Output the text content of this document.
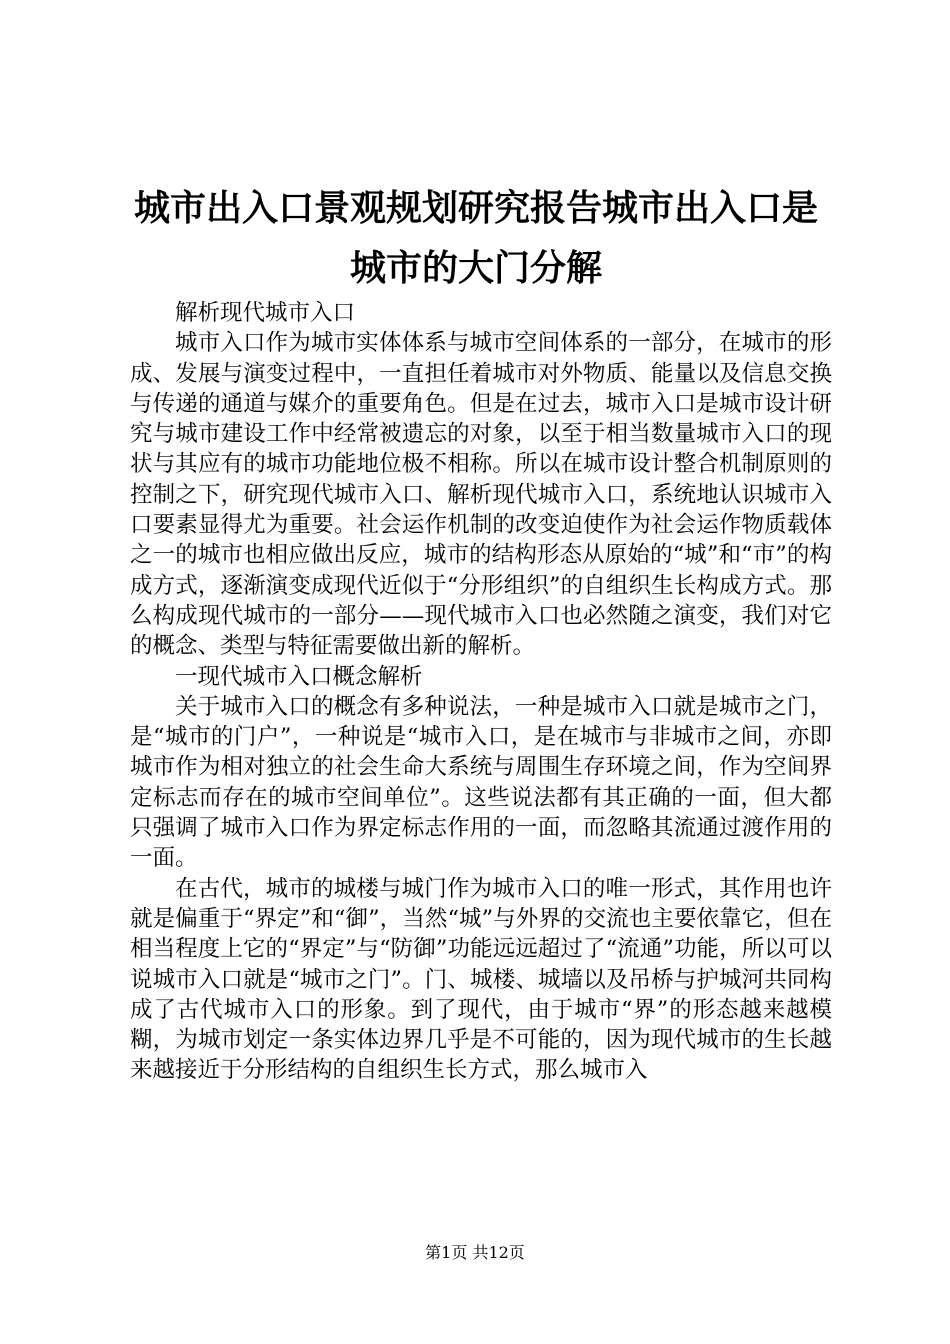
城市出入口景观规划研究报告城市出入口是城市的大门分解

解析现代城市入口

城市入口作为城市实体体系与城市空间体系的一部分，在城市的形成、发展与演变过程中，一直担任着城市对外物质、能量以及信息交换与传递的通道与媒介的重要角色。但是在过去，城市入口是城市设计研究与城市建设工作中经常被遗忘的对象，以至于相当数量城市入口的现状与其应有的城市功能地位极不相称。所以在城市设计整合机制原则的控制之下，研究现代城市入口、解析现代城市入口，系统地认识城市入口要素显得尤为重要。社会运作机制的改变迫使作为社会运作物质载体之一的城市也相应做出反应，城市的结构形态从原始的“城”和“市”的构成方式，逐渐演变成现代近似于“分形组织”的自组织生长构成方式。那么构成现代城市的一部分——现代城市入口也必然随之演变，我们对它的概念、类型与特征需要做出新的解析。

一现代城市入口概念解析

关于城市入口的概念有多种说法，一种是城市入口就是城市之门，是“城市的门户”，一种说是“城市入口，是在城市与非城市之间，亦即城市作为相对独立的社会生命大系统与周围生存环境之间，作为空间界定标志而存在的城市空间单位”。这些说法都有其正确的一面，但大都只强调了城市入口作为界定标志作用的一面，而忽略其流通过渡作用的一面。

在古代，城市的城楼与城门作为城市入口的唯一形式，其作用也许就是偏重于“界定”和“御”，当然“城”与外界的交流也主要依靠它，但在相当程度上它的“界定”与“防御”功能远远超过了“流通”功能，所以可以说城市入口就是“城市之门”。门、城楼、城墙以及吊桥与护城河共同构成了古代城市入口的形象。到了现代，由于城市“界”的形态越来越模糊，为城市划定一条实体边界几乎是不可能的，因为现代城市的生长越来越接近于分形结构的自组织生长方式，那么城市入

第1页 共12页
